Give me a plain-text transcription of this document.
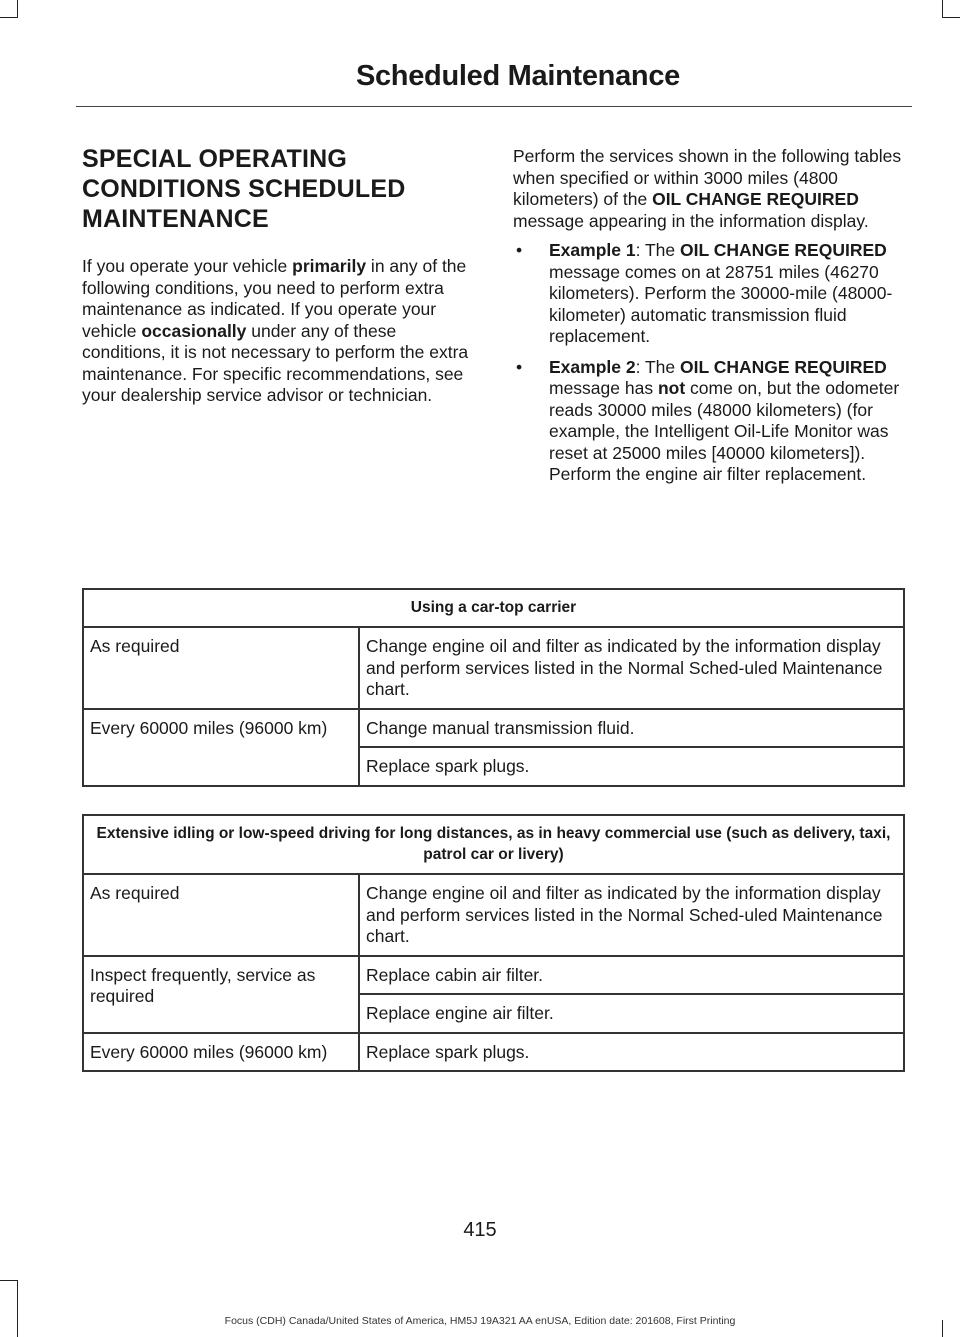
Scheduled Maintenance
SPECIAL OPERATING CONDITIONS SCHEDULED MAINTENANCE

If you operate your vehicle primarily in any of the following conditions, you need to perform extra maintenance as indicated. If you operate your vehicle occasionally under any of these conditions, it is not necessary to perform the extra maintenance. For specific recommendations, see your dealership service advisor or technician.

Perform the services shown in the following tables when specified or within 3000 miles (4800 kilometers) of the OIL CHANGE REQUIRED message appearing in the information display.

• Example 1: The OIL CHANGE REQUIRED message comes on at 28751 miles (46270 kilometers). Perform the 30000-mile (48000-kilometer) automatic transmission fluid replacement.
• Example 2: The OIL CHANGE REQUIRED message has not come on, but the odometer reads 30000 miles (48000 kilometers) (for example, the Intelligent Oil-Life Monitor was reset at 25000 miles [40000 kilometers]). Perform the engine air filter replacement.
Using a car-top carrier	
As required	Change engine oil and filter as indicated by the information display and perform services listed in the Normal Sched-uled Maintenance chart.
Every 60000 miles (96000 km)	Change manual transmission fluid.
	Replace spark plugs.
Extensive idling or low-speed driving for long distances, as in heavy commercial use (such as delivery, taxi, patrol car or livery)	
As required	Change engine oil and filter as indicated by the information display and perform services listed in the Normal Sched-uled Maintenance chart.
Inspect frequently, service as required	Replace cabin air filter.
	Replace engine air filter.
Every 60000 miles (96000 km)	Replace spark plugs.
415
Focus (CDH) Canada/United States of America, HM5J 19A321 AA enUSA, Edition date: 201608, First Printing
